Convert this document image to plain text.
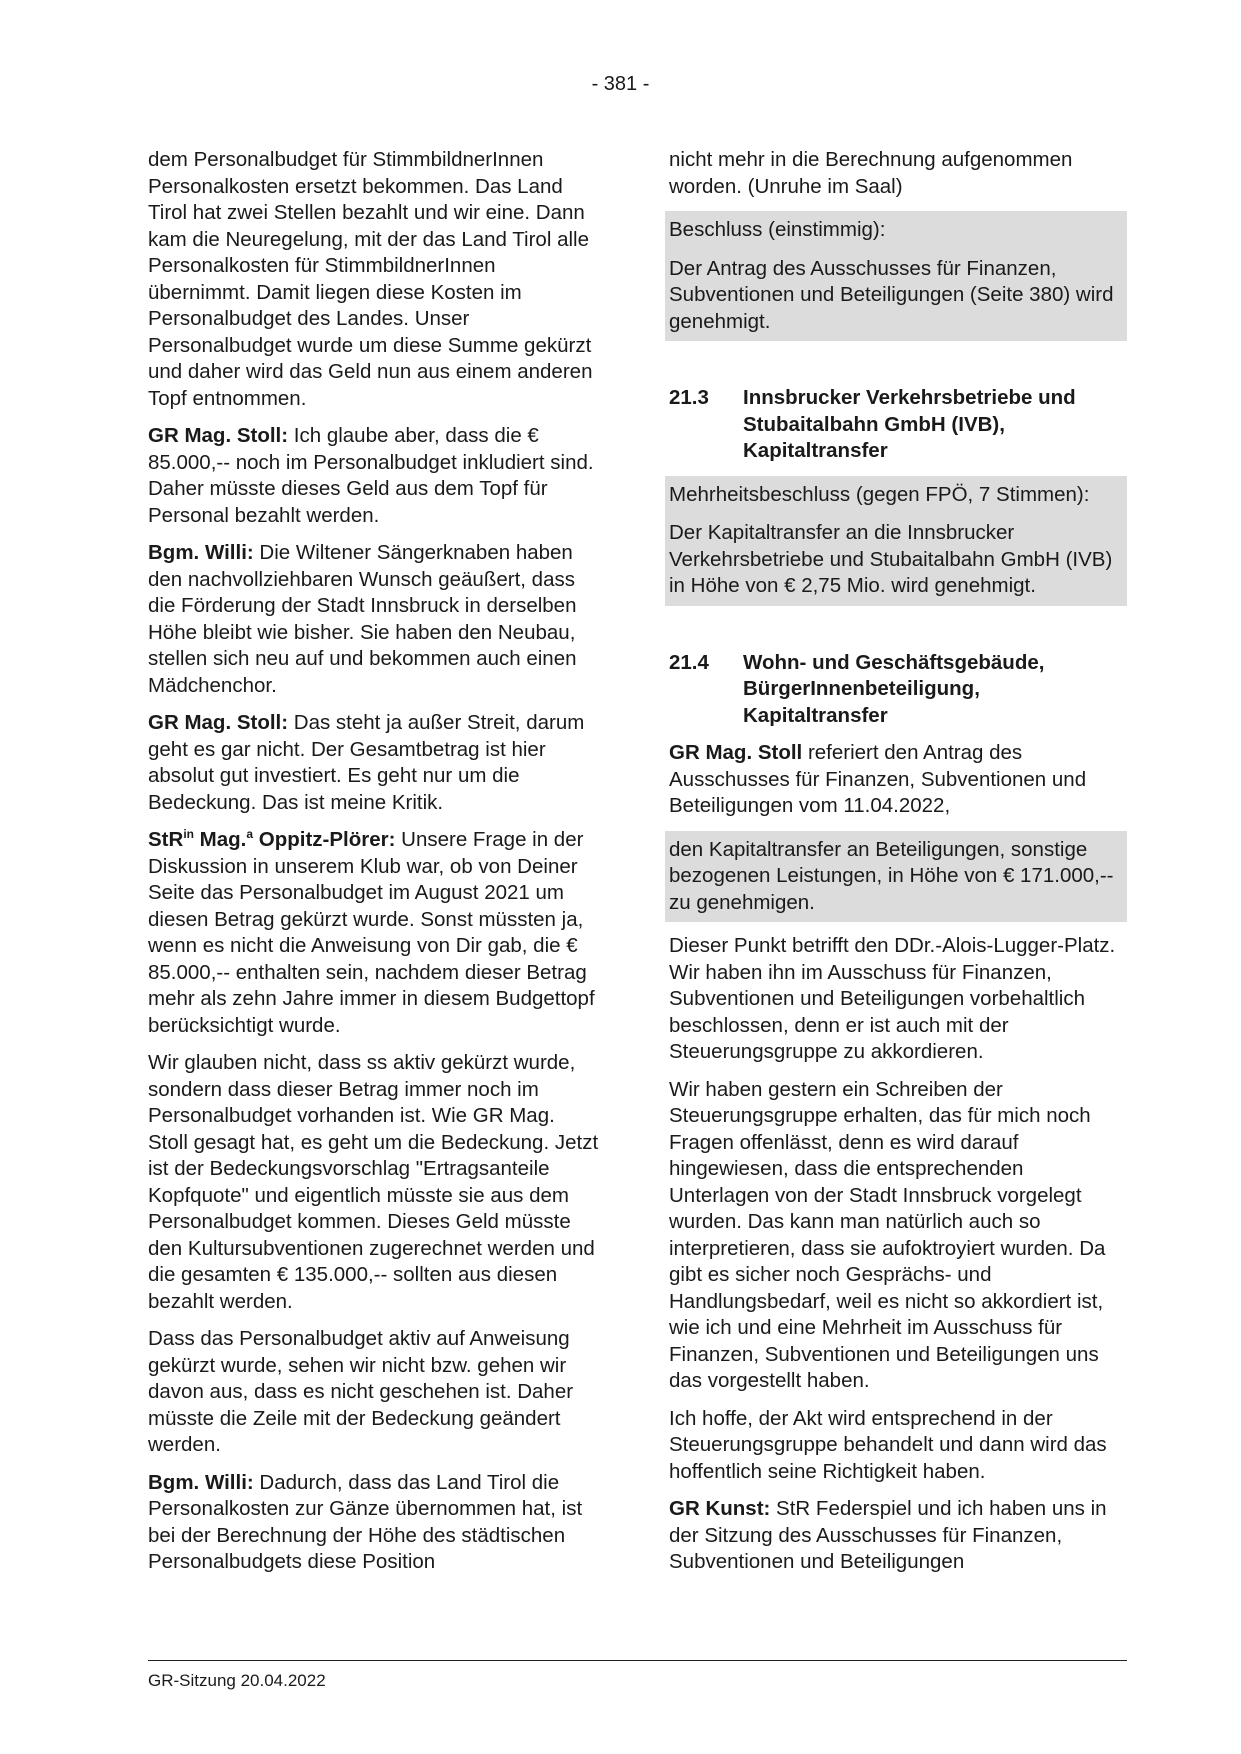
- 381 -

dem Personalbudget für StimmbildnerInnen Personalkosten ersetzt bekommen. Das Land Tirol hat zwei Stellen bezahlt und wir eine. Dann kam die Neuregelung, mit der das Land Tirol alle Personalkosten für StimmbildnerInnen übernimmt. Damit liegen diese Kosten im Personalbudget des Landes. Unser Personalbudget wurde um diese Summe gekürzt und daher wird das Geld nun aus einem anderen Topf entnommen.

GR Mag. Stoll: Ich glaube aber, dass die € 85.000,-- noch im Personalbudget inkludiert sind. Daher müsste dieses Geld aus dem Topf für Personal bezahlt werden.

Bgm. Willi: Die Wiltener Sängerknaben haben den nachvollziehbaren Wunsch geäußert, dass die Förderung der Stadt Innsbruck in derselben Höhe bleibt wie bisher. Sie haben den Neubau, stellen sich neu auf und bekommen auch einen Mädchenchor.

GR Mag. Stoll: Das steht ja außer Streit, darum geht es gar nicht. Der Gesamtbetrag ist hier absolut gut investiert. Es geht nur um die Bedeckung. Das ist meine Kritik.

StR$^{in}$ Mag.$^a$ Oppitz-Plörer: Unsere Frage in der Diskussion in unserem Klub war, ob von Deiner Seite das Personalbudget im August 2021 um diesen Betrag gekürzt wurde. Sonst müssten ja, wenn es nicht die Anweisung von Dir gab, die € 85.000,-- enthalten sein, nachdem dieser Betrag mehr als zehn Jahre immer in diesem Budgettopf berücksichtigt wurde.

Wir glauben nicht, dass ss aktiv gekürzt wurde, sondern dass dieser Betrag immer noch im Personalbudget vorhanden ist. Wie GR Mag. Stoll gesagt hat, es geht um die Bedeckung. Jetzt ist der Bedeckungsvorschlag "Ertragsanteile Kopfquote" und eigentlich müsste sie aus dem Personalbudget kommen. Dieses Geld müsste den Kultursubventionen zugerechnet werden und die gesamten € 135.000,-- sollten aus diesen bezahlt werden.

Dass das Personalbudget aktiv auf Anweisung gekürzt wurde, sehen wir nicht bzw. gehen wir davon aus, dass es nicht geschehen ist. Daher müsste die Zeile mit der Bedeckung geändert werden.

Bgm. Willi: Dadurch, dass das Land Tirol die Personalkosten zur Gänze übernommen hat, ist bei der Berechnung der Höhe des städtischen Personalbudgets diese Position

nicht mehr in die Berechnung aufgenommen worden. (Unruhe im Saal)

Beschluss (einstimmig):

Der Antrag des Ausschusses für Finanzen, Subventionen und Beteiligungen (Seite 380) wird genehmigt.

21.3	Innsbrucker Verkehrsbetriebe und Stubaitalbahn GmbH (IVB), Kapitaltransfer

Mehrheitsbeschluss (gegen FPÖ, 7 Stimmen):

Der Kapitaltransfer an die Innsbrucker Verkehrsbetriebe und Stubaitalbahn GmbH (IVB) in Höhe von € 2,75 Mio. wird genehmigt.

21.4	Wohn- und Geschäftsgebäude, BürgerInnenbeteiligung, Kapitaltransfer

GR Mag. Stoll referiert den Antrag des Ausschusses für Finanzen, Subventionen und Beteiligungen vom 11.04.2022,

den Kapitaltransfer an Beteiligungen, sonstige bezogenen Leistungen, in Höhe von € 171.000,-- zu genehmigen.

Dieser Punkt betrifft den DDr.-Alois-Lugger-Platz. Wir haben ihn im Ausschuss für Finanzen, Subventionen und Beteiligungen vorbehaltlich beschlossen, denn er ist auch mit der Steuerungsgruppe zu akkordieren.

Wir haben gestern ein Schreiben der Steuerungsgruppe erhalten, das für mich noch Fragen offenlässt, denn es wird darauf hingewiesen, dass die entsprechenden Unterlagen von der Stadt Innsbruck vorgelegt wurden. Das kann man natürlich auch so interpretieren, dass sie aufoktroyiert wurden. Da gibt es sicher noch Gesprächs- und Handlungsbedarf, weil es nicht so akkordiert ist, wie ich und eine Mehrheit im Ausschuss für Finanzen, Subventionen und Beteiligungen uns das vorgestellt haben.

Ich hoffe, der Akt wird entsprechend in der Steuerungsgruppe behandelt und dann wird das hoffentlich seine Richtigkeit haben.

GR Kunst: StR Federspiel und ich haben uns in der Sitzung des Ausschusses für Finanzen, Subventionen und Beteiligungen

GR-Sitzung 20.04.2022
